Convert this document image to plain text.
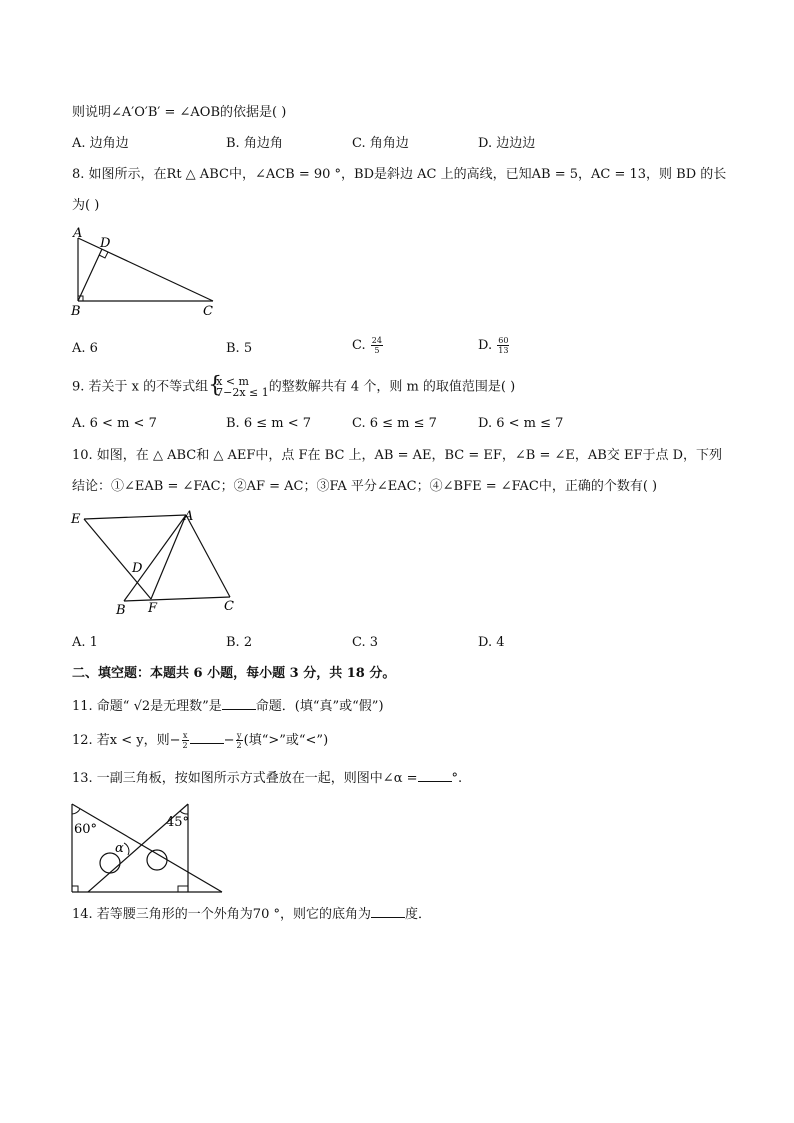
则说明∠A′O′B′ = ∠AOB的依据是( )
A. 边角边	B. 角边角	C. 角角边	D. 边边边
8. 如图所示，在Rt △ ABC中，∠ACB = 90 °，BD是斜边 AC 上的高线，已知AB = 5，AC = 13，则 BD 的长
为( )
A
D
B	C
A. 6	B. 5	C. $\frac{24}{5}$	D. $\frac{60}{13}$
9. 若关于 x 的不等式组 {
x < m
7−2x ≤ 1 的整数解共有 4 个，则 m 的取值范围是( )
A. 6 < m < 7	B. 6 ≤ m < 7	C. 6 ≤ m ≤ 7	D. 6 < m ≤ 7
10. 如图，在 △ ABC和 △ AEF中，点 F在 BC 上，AB = AE，BC = EF，∠B = ∠E，AB交 EF于点 D，下列
结论：①∠EAB = ∠FAC；②AF = AC；③FA 平分∠EAC；④∠BFE = ∠FAC中，正确的个数有( )
E	A
D
B F	C
A. 1	B. 2	C. 3	D. 4
二、填空题：本题共 6 小题，每小题 3 分，共 18 分。
11. 命题“ √2是无理数”是	命题．(填“真”或“假”)
12. 若x < y，则− $\frac{x}{2}$	− $\frac{y}{2}$ (填“>”或“<”)
13. 一副三角板，按如图所示方式叠放在一起，则图中∠α =	°.
60°	45°
α
14. 若等腰三角形的一个外角为70 °，则它的底角为	度．
